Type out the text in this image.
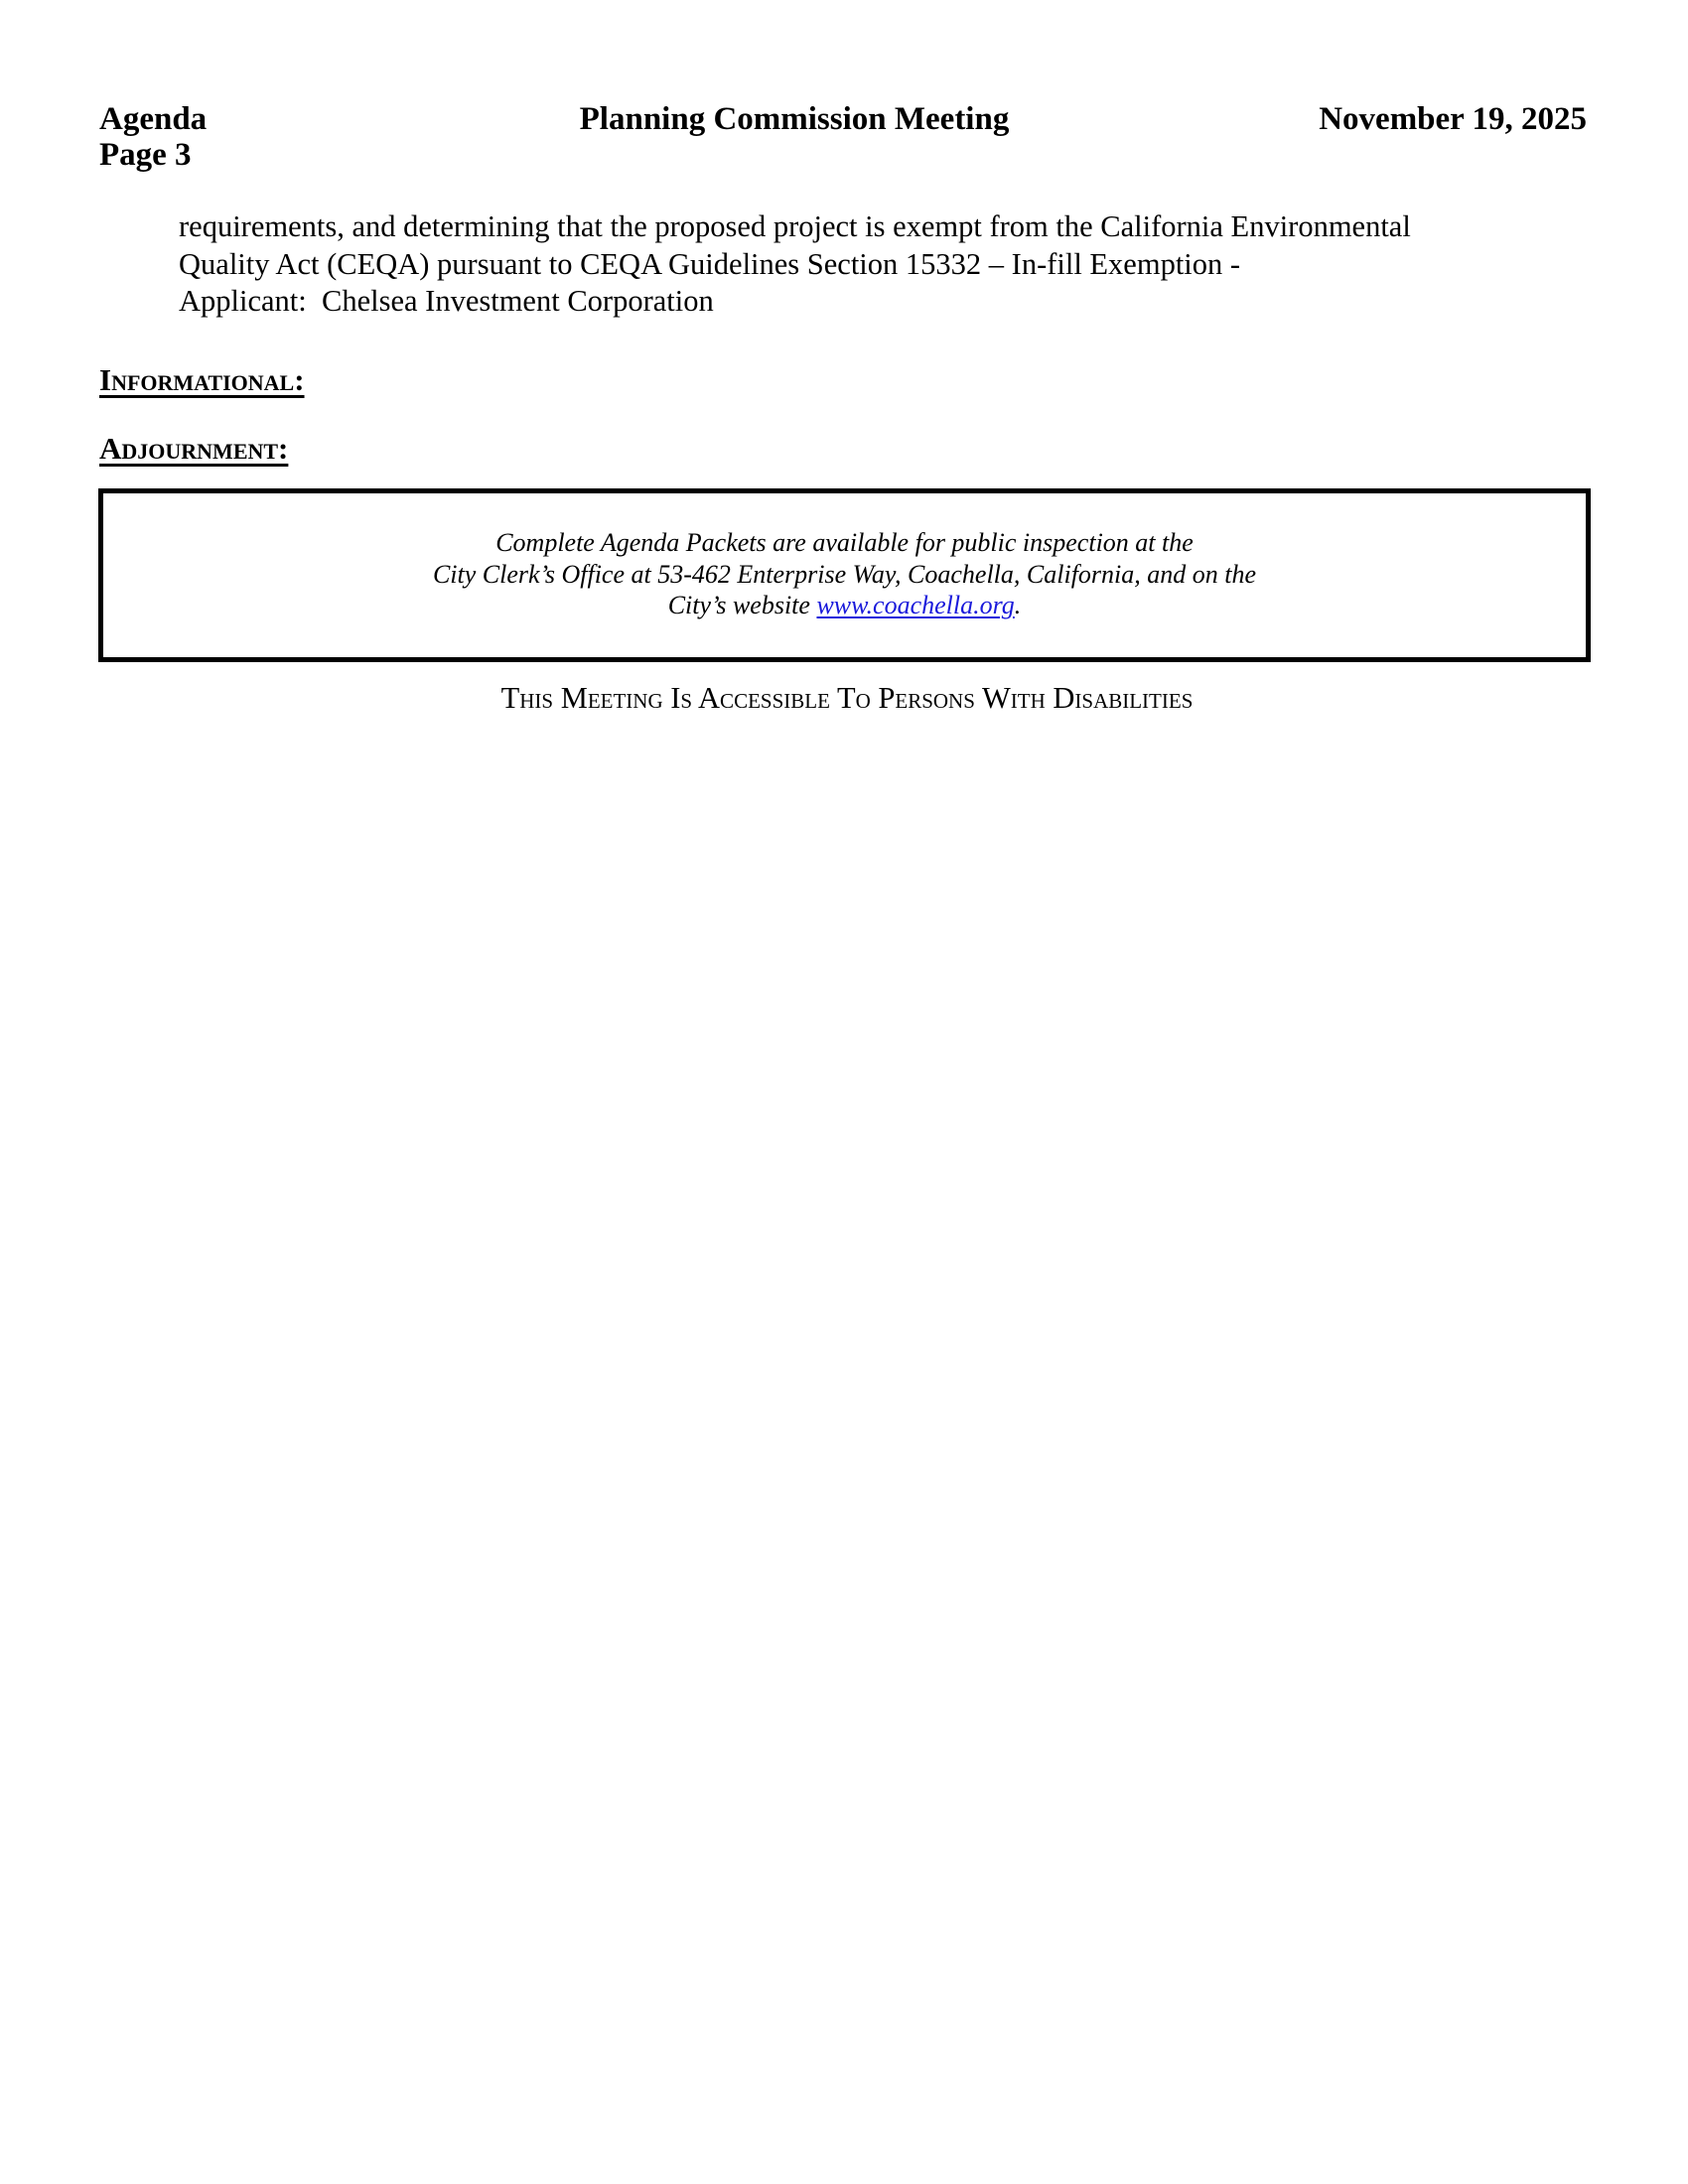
Agenda
Page 3
Planning Commission Meeting	November 19, 2025
requirements, and determining that the proposed project is exempt from the California Environmental
Quality Act (CEQA) pursuant to CEQA Guidelines Section 15332 – In-fill Exemption -
Applicant:  Chelsea Investment Corporation
Informational:
Adjournment:
Complete Agenda Packets are available for public inspection at the
City Clerk’s Office at 53-462 Enterprise Way, Coachella, California, and on the
City’s website www.coachella.org.
This Meeting Is Accessible To Persons With Disabilities
